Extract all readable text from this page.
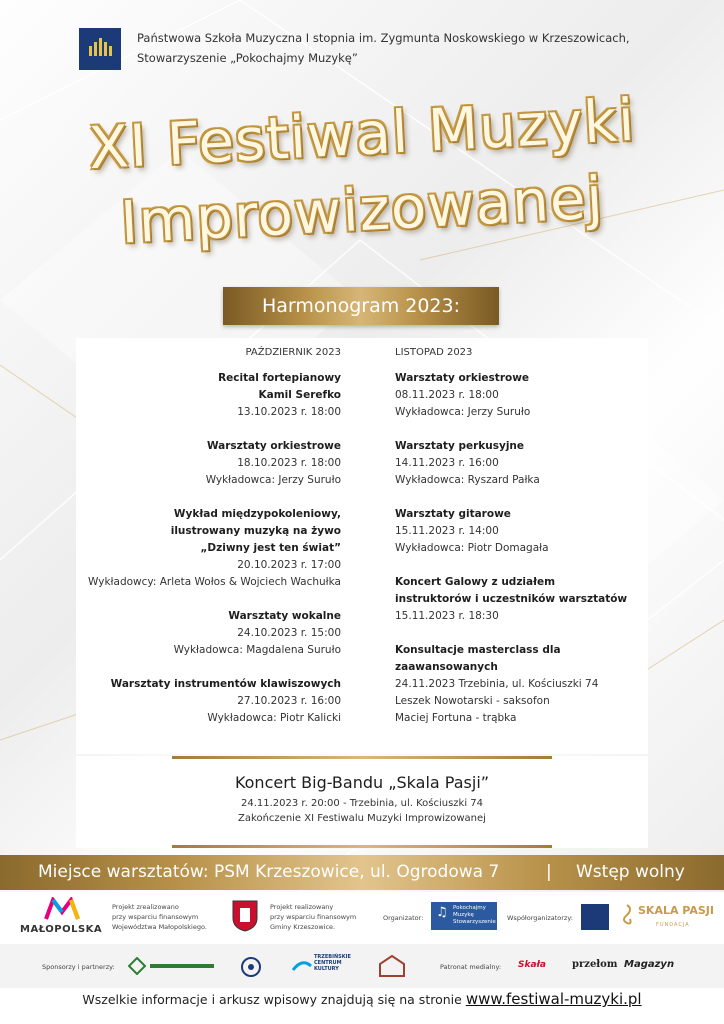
Państwowa Szkoła Muzyczna I stopnia im. Zygmunta Noskowskiego w Krzeszowicach,
Stowarzyszenie „Pokochajmy Muzykę”
XI Festiwal Muzyki
Improwizowanej
Harmonogram 2023:
PAŹDZIERNIK 2023
Recital fortepianowy
Kamil Serefko
13.10.2023 r. 18:00
Warsztaty orkiestrowe
18.10.2023 r. 18:00
Wykładowca: Jerzy Surułο
Wykład międzypokoleniowy,
ilustrowany muzyką na żywo
„Dziwny jest ten świat”
20.10.2023 r. 17:00
Wykładowcy: Arleta Wołos & Wojciech Wachułka
Warsztaty wokalne
24.10.2023 r. 15:00
Wykładowca: Magdalena Surułο
Warsztaty instrumentów klawiszowych
27.10.2023 r. 16:00
Wykładowca: Piotr Kalicki
LISTOPAD 2023
Warsztaty orkiestrowe
08.11.2023 r. 18:00
Wykładowca: Jerzy Surułο
Warsztaty perkusyjne
14.11.2023 r. 16:00
Wykładowca: Ryszard Pałka
Warsztaty gitarowe
15.11.2023 r. 14:00
Wykładowca: Piotr Domagała
Koncert Galowy z udziałem
instruktorów i uczestników warsztatów
15.11.2023 r. 18:30
Konsultacje masterclass dla zaawansowanych
24.11.2023 Trzebinia, ul. Kościuszki 74
Leszek Nowotarski - saksofon
Maciej Fortuna - trąbka
Koncert Big-Bandu „Skala Pasji”
24.11.2023 r. 20:00 - Trzebinia, ul. Kościuszki 74
Zakończenie XI Festiwalu Muzyki Improwizowanej
Miejsce warsztatów: PSM Krzeszowice, ul. Ogrodowa 7	| Wstęp wolny
MAŁOPOLSKA
Projekt zrealizowano
przy wsparciu finansowym
Województwa Małopolskiego.
Projekt realizowany
przy wsparciu finansowym
Gminy Krzeszowice.
Organizator: ♫ Pokochajmy
Muzykę
Stowarzyszenie Współorganizatorzy:
SKALA PASJI
FUNDACJA
Sponsorzy i partnerzy:
TRZEBIŃSKIE
CENTRUM
KULTURY	Patronat medialny: Skała	przełom Magazyn
Wszelkie informacje i arkusz wpisowy znajdują się na stronie www.festiwal-muzyki.pl
